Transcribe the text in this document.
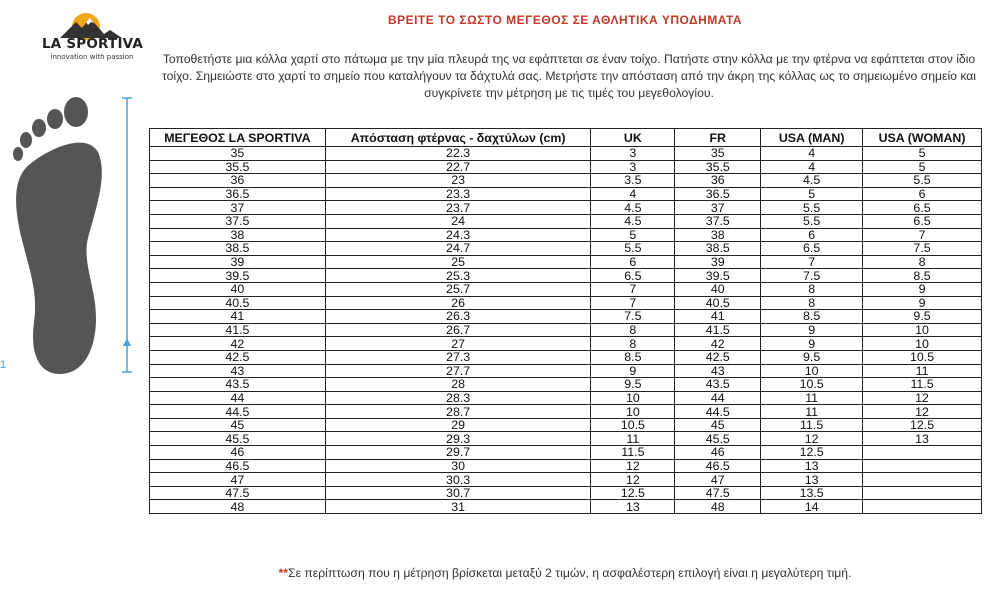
LA SPORTIVA
innovation with passion
ΒΡΕΙΤΕ ΤΟ ΣΩΣΤΟ ΜΕΓΕΘΟΣ ΣΕ ΑΘΛΗΤΙΚΑ ΥΠΟΔΗΜΑΤΑ
Τοποθετήστε μια κόλλα χαρτί στο πάτωμα με την μία πλευρά της να εφάπτεται σε έναν τοίχο. Πατήστε στην κόλλα με την φτέρνα να εφάπτεται στον ίδιο τοίχο. Σημειώστε στο χαρτί το σημείο που καταλήγουν τα δάχτυλά σας. Μετρήστε την απόσταση από την άκρη της κόλλας ως το σημειωμένο σημείο και συγκρίνετε την μέτρηση με τις τιμές του μεγεθολογίου.
1
ΜΕΓΕΘΟΣ LA SPORTIVA	Απόσταση φτέρνας - δαχτύλων (cm)	UK	FR	USA (MAN)	USA (WOMAN)
35	22.3	3	35	4	5
35.5	22.7	3	35.5	4	5
36	23	3.5	36	4.5	5.5
36.5	23.3	4	36.5	5	6
37	23.7	4.5	37	5.5	6.5
37.5	24	4.5	37.5	5.5	6.5
38	24.3	5	38	6	7
38.5	24.7	5.5	38.5	6.5	7.5
39	25	6	39	7	8
39.5	25.3	6.5	39.5	7.5	8.5
40	25.7	7	40	8	9
40.5	26	7	40.5	8	9
41	26.3	7.5	41	8.5	9.5
41.5	26.7	8	41.5	9	10
42	27	8	42	9	10
42.5	27.3	8.5	42.5	9.5	10.5
43	27.7	9	43	10	11
43.5	28	9.5	43.5	10.5	11.5
44	28.3	10	44	11	12
44.5	28.7	10	44.5	11	12
45	29	10.5	45	11.5	12.5
45.5	29.3	11	45.5	12	13
46	29.7	11.5	46	12.5	
46.5	30	12	46.5	13	
47	30.3	12	47	13	
47.5	30.7	12.5	47.5	13.5	
48	31	13	48	14	
**Σε περίπτωση που η μέτρηση βρίσκεται μεταξύ 2 τιμών, η ασφαλέστερη επιλογή είναι η μεγαλύτερη τιμή.
